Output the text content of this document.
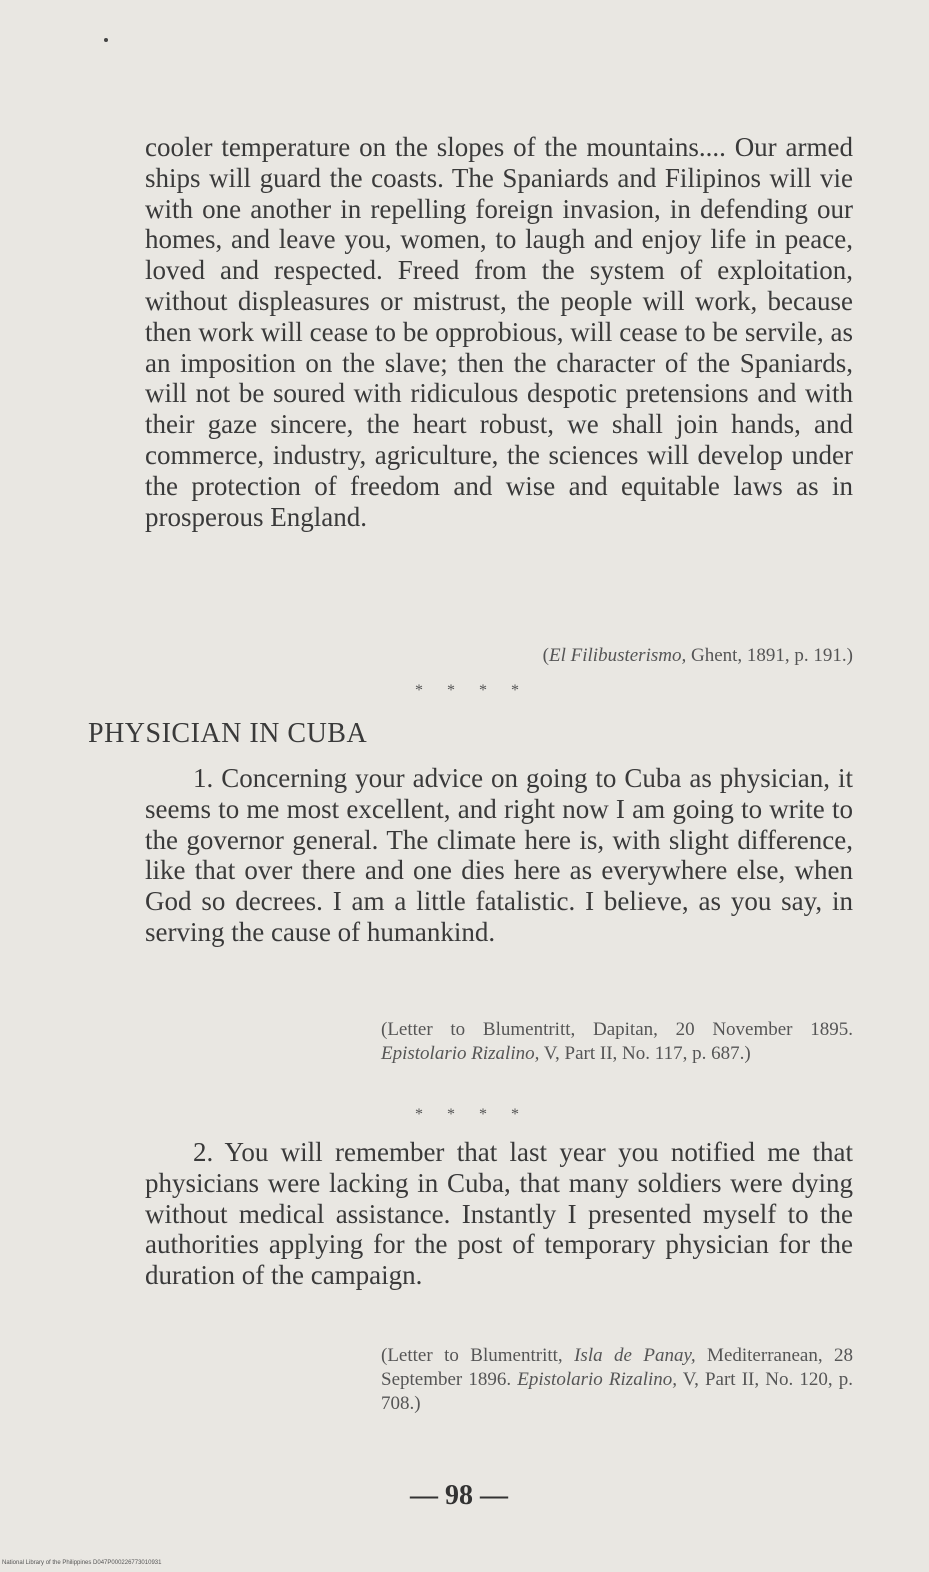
cooler temperature on the slopes of the mountains.... Our armed ships will guard the coasts. The Spaniards and Filipinos will vie with one another in repelling foreign invasion, in defending our homes, and leave you, women, to laugh and enjoy life in peace, loved and respected. Freed from the system of exploitation, without displeasures or mistrust, the people will work, because then work will cease to be opprobious, will cease to be servile, as an imposition on the slave; then the character of the Spaniards, will not be soured with ridiculous despotic pretensions and with their gaze sincere, the heart robust, we shall join hands, and commerce, industry, agriculture, the sciences will develop under the protection of freedom and wise and equitable laws as in prosperous England.

(El Filibusterismo, Ghent, 1891, p. 191.)

* * * *
PHYSICIAN IN CUBA

1. Concerning your advice on going to Cuba as physician, it seems to me most excellent, and right now I am going to write to the governor general. The climate here is, with slight difference, like that over there and one dies here as everywhere else, when God so decrees. I am a little fatalistic. I believe, as you say, in serving the cause of humankind.

(Letter to Blumentritt, Dapitan, 20 November 1895. Epistolario Rizalino, V, Part II, No. 117, p. 687.)

* * * *

2. You will remember that last year you notified me that physicians were lacking in Cuba, that many soldiers were dying without medical assistance. Instantly I presented myself to the authorities applying for the post of temporary physician for the duration of the campaign.

(Letter to Blumentritt, Isla de Panay, Mediterranean, 28 September 1896. Epistolario Rizalino, V, Part II, No. 120, p. 708.)

— 98 —
National Library of the Philippines D047P000226773010931
